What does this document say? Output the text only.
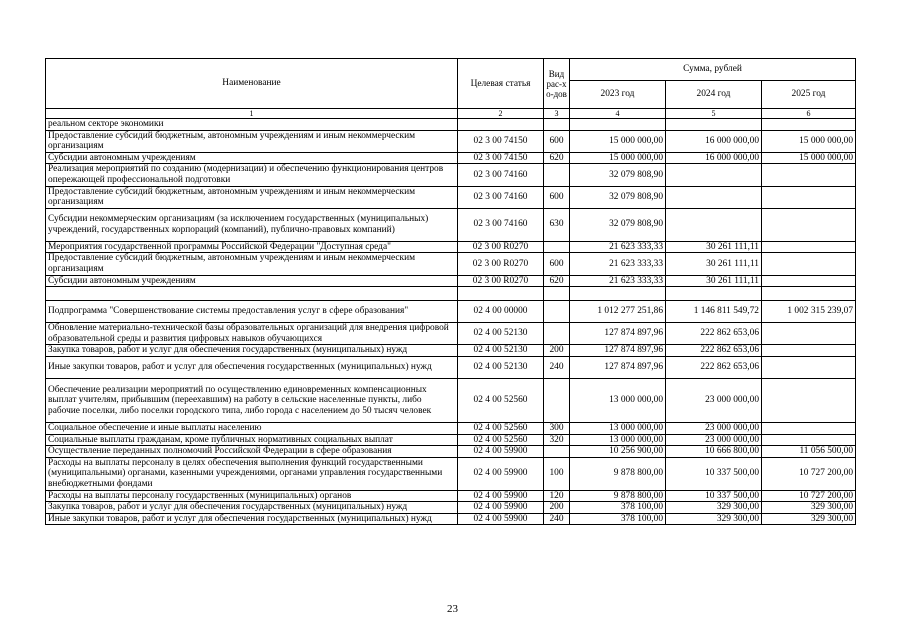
Наименование	Целевая статья	Вид рас-хо-дов	Сумма, рублей		
			2023 год	2024 год	2025 год
1	2	3	4	5	6
реальном секторе экономики					
Предоставление субсидий бюджетным, автономным учреждениям и иным некоммерческим организациям	02 3 00 74150	600	15 000 000,00	16 000 000,00	15 000 000,00
Субсидии автономным учреждениям	02 3 00 74150	620	15 000 000,00	16 000 000,00	15 000 000,00
Реализация мероприятий по созданию (модернизации) и обеспечению функционирования центров опережающей профессиональной подготовки	02 3 00 74160		32 079 808,90		
Предоставление субсидий бюджетным, автономным учреждениям и иным некоммерческим организациям	02 3 00 74160	600	32 079 808,90		
Субсидии некоммерческим организациям (за исключением государственных (муниципальных) учреждений, государственных корпораций (компаний), публично-правовых компаний)	02 3 00 74160	630	32 079 808,90		
Мероприятия государственной программы Российской Федерации "Доступная среда"	02 3 00 R0270		21 623 333,33	30 261 111,11	
Предоставление субсидий бюджетным, автономным учреждениям и иным некоммерческим организациям	02 3 00 R0270	600	21 623 333,33	30 261 111,11	
Субсидии автономным учреждениям	02 3 00 R0270	620	21 623 333,33	30 261 111,11	

Подпрограмма "Совершенствование системы предоставления услуг в сфере образования"	02 4 00 00000		1 012 277 251,86	1 146 811 549,72	1 002 315 239,07
Обновление материально-технической базы образовательных организаций для внедрения цифровой образовательной среды и развития цифровых навыков обучающихся	02 4 00 52130		127 874 897,96	222 862 653,06	
Закупка товаров, работ и услуг для обеспечения государственных (муниципальных) нужд	02 4 00 52130	200	127 874 897,96	222 862 653,06	
Иные закупки товаров, работ и услуг для обеспечения государственных (муниципальных) нужд	02 4 00 52130	240	127 874 897,96	222 862 653,06	
Обеспечение реализации мероприятий по осуществлению единовременных компенсационных выплат учителям, прибывшим (переехавшим) на работу в сельские населенные пункты, либо рабочие поселки, либо поселки городского типа, либо города с населением до 50 тысяч человек	02 4 00 52560		13 000 000,00	23 000 000,00	
Социальное обеспечение и иные выплаты населению	02 4 00 52560	300	13 000 000,00	23 000 000,00	
Социальные выплаты гражданам, кроме публичных нормативных социальных выплат	02 4 00 52560	320	13 000 000,00	23 000 000,00	
Осуществление переданных полномочий Российской Федерации в сфере образования	02 4 00 59900		10 256 900,00	10 666 800,00	11 056 500,00
Расходы на выплаты персоналу в целях обеспечения выполнения функций государственными (муниципальными) органами, казенными учреждениями, органами управления государственными внебюджетными фондами	02 4 00 59900	100	9 878 800,00	10 337 500,00	10 727 200,00
Расходы на выплаты персоналу государственных (муниципальных) органов	02 4 00 59900	120	9 878 800,00	10 337 500,00	10 727 200,00
Закупка товаров, работ и услуг для обеспечения государственных (муниципальных) нужд	02 4 00 59900	200	378 100,00	329 300,00	329 300,00
Иные закупки товаров, работ и услуг для обеспечения государственных (муниципальных) нужд	02 4 00 59900	240	378 100,00	329 300,00	329 300,00
23
